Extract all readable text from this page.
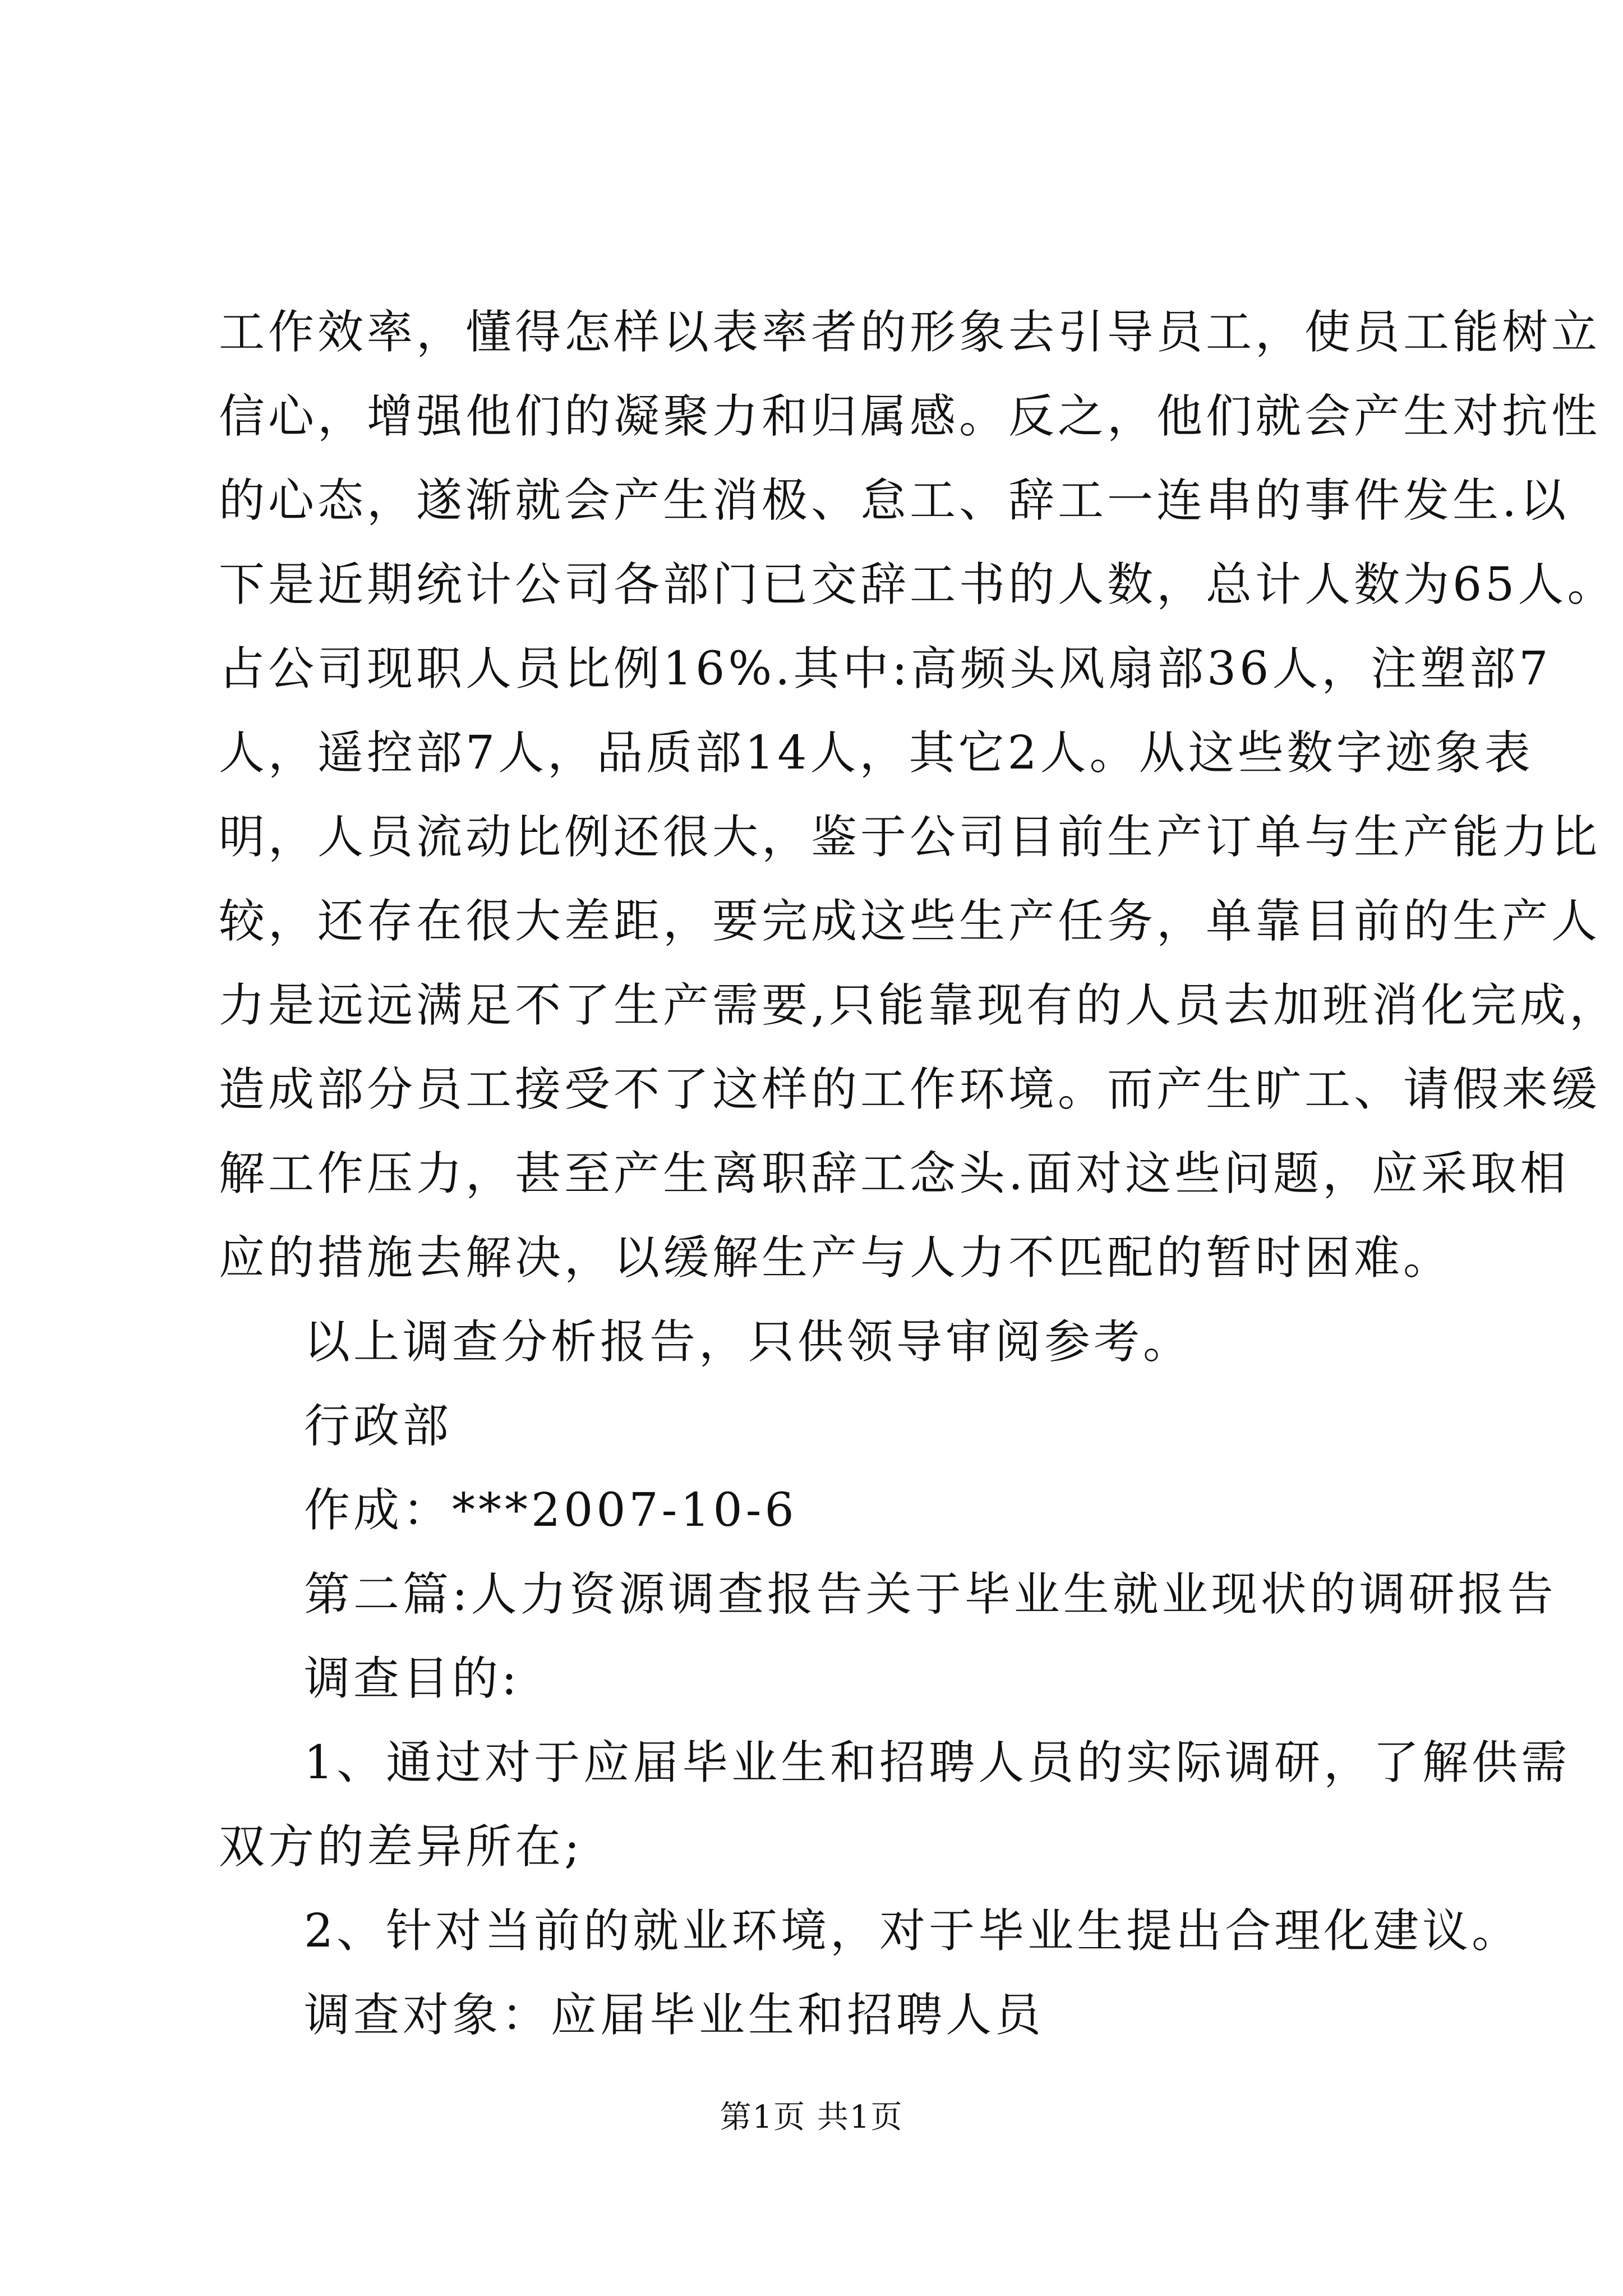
工作效率，懂得怎样以表率者的形象去引导员工，使员工能树立
信心，增强他们的凝聚力和归属感。反之，他们就会产生对抗性
的心态，遂渐就会产生消极、怠工、辞工一连串的事件发生.以
下是近期统计公司各部门已交辞工书的人数，总计人数为65人。
占公司现职人员比例16%.其中:高频头风扇部36人，注塑部7
人，遥控部7人，品质部14人，其它2人。从这些数字迹象表
明，人员流动比例还很大，鉴于公司目前生产订单与生产能力比
较，还存在很大差距，要完成这些生产任务，单靠目前的生产人
力是远远满足不了生产需要,只能靠现有的人员去加班消化完成，
造成部分员工接受不了这样的工作环境。而产生旷工、请假来缓
解工作压力，甚至产生离职辞工念头.面对这些问题，应采取相
应的措施去解决，以缓解生产与人力不匹配的暂时困难。
以上调查分析报告，只供领导审阅参考。
行政部
作成：***2007-10-6
第二篇:人力资源调查报告关于毕业生就业现状的调研报告
调查目的:
1、通过对于应届毕业生和招聘人员的实际调研，了解供需
双方的差异所在;
2、针对当前的就业环境，对于毕业生提出合理化建议。
调查对象：应届毕业生和招聘人员
第1页 共1页
